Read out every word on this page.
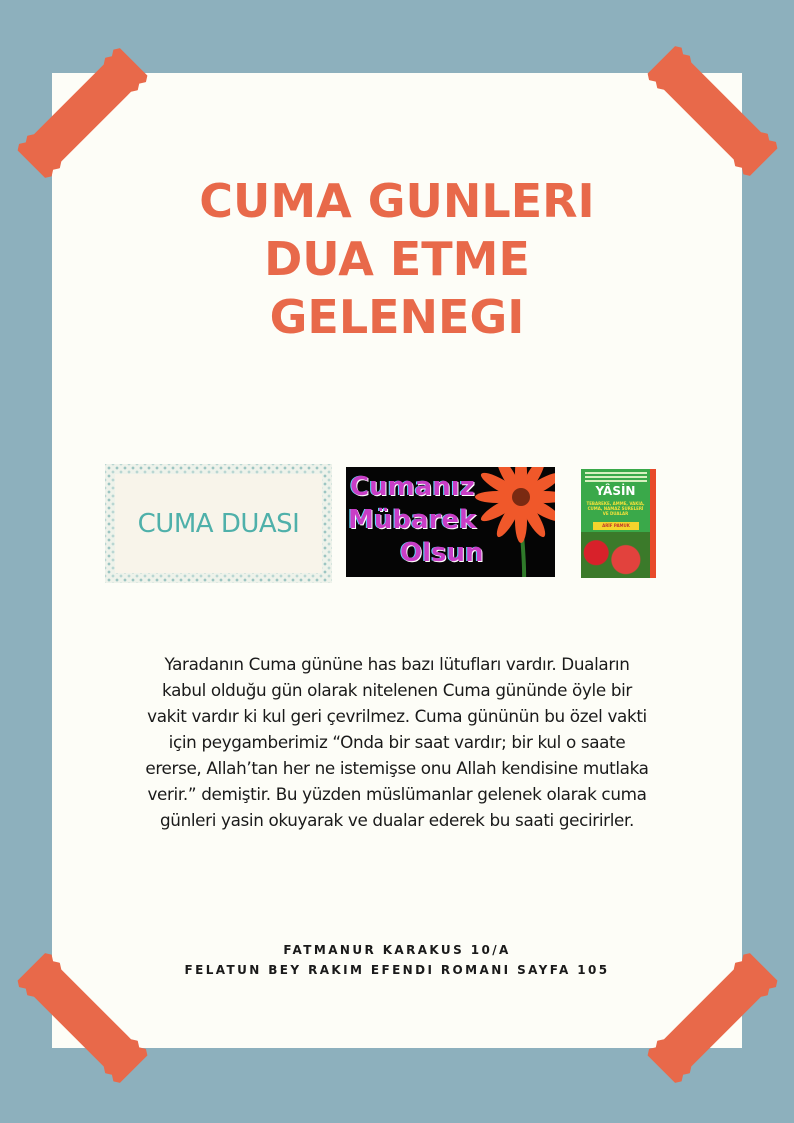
CUMA GUNLERI
DUA ETME
GELENEGI
CUMA DUASI
Cumanız
Mübarek
Olsun
YÂSİN
TEBAREKE, AMME, VAKIA, CUMA, NAMAZ SURELERİ VE DUALAR
ARİF PAMUK
Yaradanın Cuma gününe has bazı lütufları vardır. Duaların kabul olduğu gün olarak nitelenen Cuma gününde öyle bir vakit vardır ki kul geri çevrilmez. Cuma gününün bu özel vakti için peygamberimiz “Onda bir saat vardır; bir kul o saate ererse, Allah’tan her ne istemişse onu Allah kendisine mutlaka verir.” demiştir. Bu yüzden müslümanlar gelenek olarak cuma günleri yasin okuyarak ve dualar ederek bu saati gecirirler.
FATMANUR KARAKUS 10/A
FELATUN BEY RAKIM EFENDI ROMANI SAYFA 105
